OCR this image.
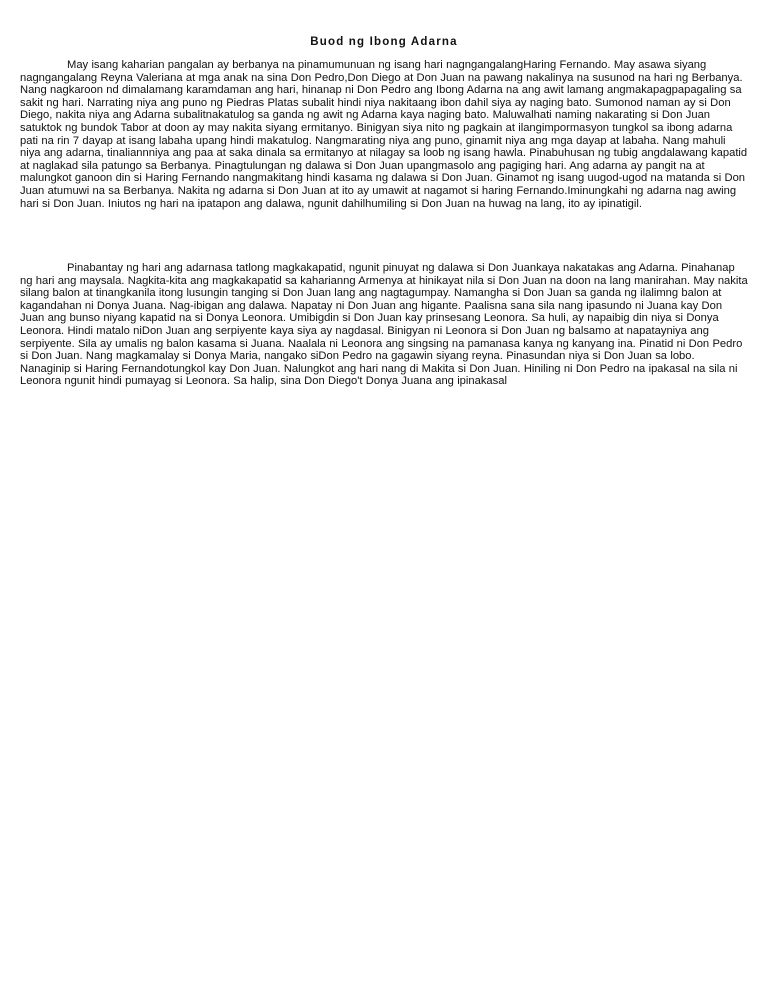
Buod ng Ibong Adarna

May isang kaharian pangalan ay berbanya na pinamumunuan ng isang hari nagngangalangHaring Fernando. May asawa siyang nagngangalang Reyna Valeriana at mga anak na sina Don Pedro,Don Diego at Don Juan na pawang nakalinya na susunod na hari ng Berbanya. Nang nagkaroon nd dimalamang karamdaman ang hari, hinanap ni Don Pedro ang Ibong Adarna na ang awit lamang angmakapagpapagaling sa sakit ng hari. Narrating niya ang puno ng Piedras Platas subalit hindi niya nakitaang ibon dahil siya ay naging bato. Sumonod naman ay si Don Diego, nakita niya ang Adarna subalitnakatulog sa ganda ng awit ng Adarna kaya naging bato. Maluwalhati naming nakarating si Don Juan satuktok ng bundok Tabor at doon ay may nakita siyang ermitanyo. Binigyan siya nito ng pagkain at ilangimpormasyon tungkol sa ibong adarna pati na rin 7 dayap at isang labaha upang hindi makatulog. Nangmarating niya ang puno, ginamit niya ang mga dayap at labaha. Nang mahuli niya ang adarna, tinaliannniya ang paa at saka dinala sa ermitanyo at nilagay sa loob ng isang hawla. Pinabuhusan ng tubig angdalawang kapatid at naglakad sila patungo sa Berbanya. Pinagtulungan ng dalawa si Don Juan upangmasolo ang pagiging hari. Ang adarna ay pangit na at malungkot ganoon din si Haring Fernando nangmakitang hindi kasama ng dalawa si Don Juan. Ginamot ng isang uugod-ugod na matanda si Don Juan atumuwi na sa Berbanya. Nakita ng adarna si Don Juan at ito ay umawit at nagamot si haring Fernando.Iminungkahi ng adarna nag awing hari si Don Juan. Iniutos ng hari na ipatapon ang dalawa, ngunit dahilhumiling si Don Juan na huwag na lang, ito ay ipinatigil.

Pinabantay ng hari ang adarnasa tatlong magkakapatid, ngunit pinuyat ng dalawa si Don Juankaya nakatakas ang Adarna. Pinahanap ng hari ang maysala. Nagkita-kita ang magkakapatid sa kaharianng Armenya at hinikayat nila si Don Juan na doon na lang manirahan. May nakita silang balon at tinangkanila itong lusungin tanging si Don Juan lang ang nagtagumpay. Namangha si Don Juan sa ganda ng ilalimng balon at kagandahan ni Donya Juana. Nag-ibigan ang dalawa. Napatay ni Don Juan ang higante. Paalisna sana sila nang ipasundo ni Juana kay Don Juan ang bunso niyang kapatid na si Donya Leonora. Umibigdin si Don Juan kay prinsesang Leonora. Sa huli, ay napaibig din niya si Donya Leonora. Hindi matalo niDon Juan ang serpiyente kaya siya ay nagdasal. Binigyan ni Leonora si Don Juan ng balsamo at napatayniya ang serpiyente. Sila ay umalis ng balon kasama si Juana. Naalala ni Leonora ang singsing na pamanasa kanya ng kanyang ina. Pinatid ni Don Pedro si Don Juan. Nang magkamalay si Donya Maria, nangako siDon Pedro na gagawin siyang reyna. Pinasundan niya si Don Juan sa lobo. Nanaginip si Haring Fernandotungkol kay Don Juan. Nalungkot ang hari nang di Makita si Don Juan. Hiniling ni Don Pedro na ipakasal na sila ni Leonora ngunit hindi pumayag si Leonora. Sa halip, sina Don Diego't Donya Juana ang ipinakasal
